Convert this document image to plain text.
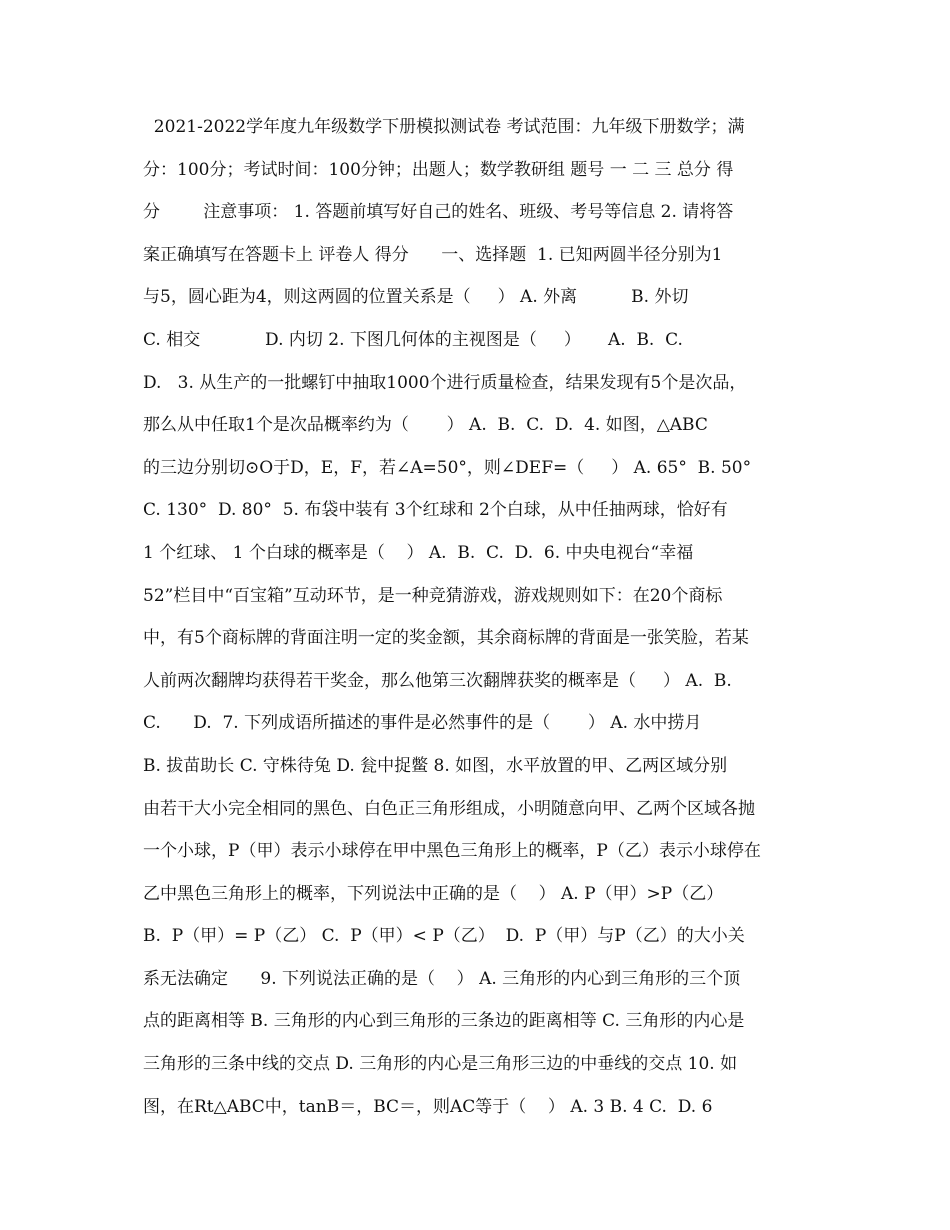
2021-2022学年度九年级数学下册模拟测试卷 考试范围：九年级下册数学；满
分：100分；考试时间：100分钟；出题人；数学教研组 题号 一 二 三 总分 得
分        注意事项： 1. 答题前填写好自己的姓名、班级、考号等信息 2. 请将答
案正确填写在答题卡上 评卷人 得分      一、选择题  1. 已知两圆半径分别为1
与5，圆心距为4，则这两圆的位置关系是（     ） A. 外离          B. 外切
C. 相交            D. 内切 2. 下图几何体的主视图是（     ）     A.  B.  C.
D.   3. 从生产的一批螺钉中抽取1000个进行质量检查，结果发现有5个是次品，
那么从中任取1个是次品概率约为（       ） A.  B.  C.  D.  4. 如图，△ABC
的三边分别切⊙O于D，E，F，若∠A=50°，则∠DEF=（     ） A. 65°  B. 50°
C. 130°  D. 80°  5. 布袋中装有 3个红球和 2个白球，从中任抽两球，恰好有
1 个红球、 1 个白球的概率是（    ） A.  B.  C.  D.  6. 中央电视台“幸福
52”栏目中“百宝箱”互动环节，是一种竞猜游戏，游戏规则如下：在20个商标
中，有5个商标牌的背面注明一定的奖金额，其余商标牌的背面是一张笑脸，若某
人前两次翻牌均获得若干奖金，那么他第三次翻牌获奖的概率是（     ） A.  B.
C.      D.  7. 下列成语所描述的事件是必然事件的是（       ） A. 水中捞月
B. 拔苗助长 C. 守株待兔 D. 瓮中捉鳖 8. 如图，水平放置的甲、乙两区域分别
由若干大小完全相同的黑色、白色正三角形组成，小明随意向甲、乙两个区域各抛
一个小球，P（甲）表示小球停在甲中黑色三角形上的概率，P（乙）表示小球停在
乙中黑色三角形上的概率，下列说法中正确的是（    ） A. P（甲）>P（乙）
B.  P（甲）= P（乙） C.  P（甲）< P（乙）  D.  P（甲）与P（乙）的大小关
系无法确定      9. 下列说法正确的是（    ） A. 三角形的内心到三角形的三个顶
点的距离相等 B. 三角形的内心到三角形的三条边的距离相等 C. 三角形的内心是
三角形的三条中线的交点 D. 三角形的内心是三角形三边的中垂线的交点 10. 如
图，在Rt△ABC中，tanB＝，BC＝，则AC等于（    ） A. 3 B. 4 C.  D. 6
